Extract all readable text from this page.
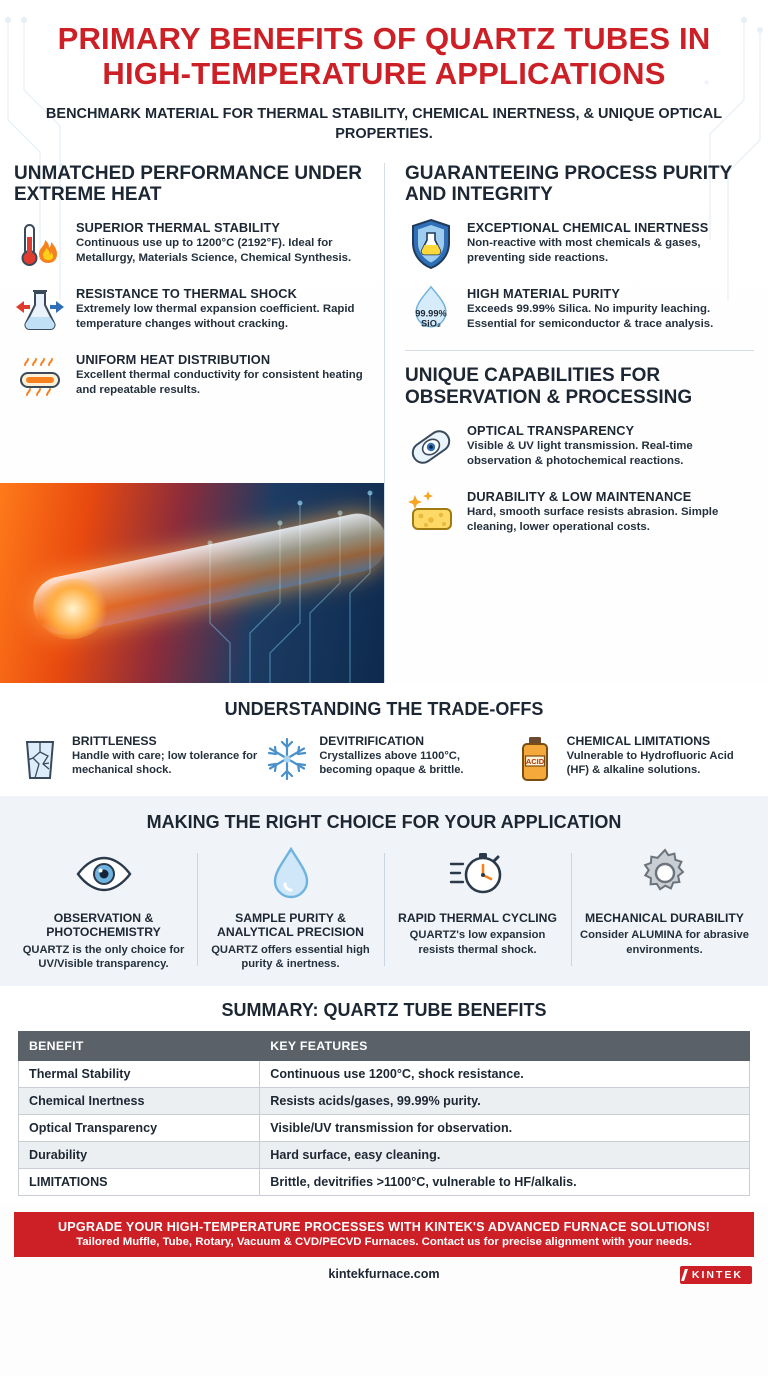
PRIMARY BENEFITS OF QUARTZ TUBES IN HIGH-TEMPERATURE APPLICATIONS
BENCHMARK MATERIAL FOR THERMAL STABILITY, CHEMICAL INERTNESS, & UNIQUE OPTICAL PROPERTIES.
UNMATCHED PERFORMANCE UNDER EXTREME HEAT
SUPERIOR THERMAL STABILITY
Continuous use up to 1200°C (2192°F). Ideal for Metallurgy, Materials Science, Chemical Synthesis.
RESISTANCE TO THERMAL SHOCK
Extremely low thermal expansion coefficient. Rapid temperature changes without cracking.
UNIFORM HEAT DISTRIBUTION
Excellent thermal conductivity for consistent heating and repeatable results.
GUARANTEEING PROCESS PURITY AND INTEGRITY
EXCEPTIONAL CHEMICAL INERTNESS
Non-reactive with most chemicals & gases, preventing side reactions.
99.99%
SiO₂
HIGH MATERIAL PURITY
Exceeds 99.99% Silica. No impurity leaching. Essential for semiconductor & trace analysis.
UNIQUE CAPABILITIES FOR OBSERVATION & PROCESSING
OPTICAL TRANSPARENCY
Visible & UV light transmission. Real-time observation & photochemical reactions.
DURABILITY & LOW MAINTENANCE
Hard, smooth surface resists abrasion. Simple cleaning, lower operational costs.
UNDERSTANDING THE TRADE-OFFS
BRITTLENESS
Handle with care; low tolerance for mechanical shock.
DEVITRIFICATION
Crystallizes above 1100°C, becoming opaque & brittle.
ACID
CHEMICAL LIMITATIONS
Vulnerable to Hydrofluoric Acid (HF) & alkaline solutions.
MAKING THE RIGHT CHOICE FOR YOUR APPLICATION
OBSERVATION & PHOTOCHEMISTRY
QUARTZ is the only choice for UV/Visible transparency.
SAMPLE PURITY & ANALYTICAL PRECISION
QUARTZ offers essential high purity & inertness.
RAPID THERMAL CYCLING
QUARTZ's low expansion resists thermal shock.
MECHANICAL DURABILITY
Consider ALUMINA for abrasive environments.
SUMMARY: QUARTZ TUBE BENEFITS
BENEFIT	KEY FEATURES
Thermal Stability	Continuous use 1200°C, shock resistance.
Chemical Inertness	Resists acids/gases, 99.99% purity.
Optical Transparency	Visible/UV transmission for observation.
Durability	Hard surface, easy cleaning.
LIMITATIONS	Brittle, devitrifies >1100°C, vulnerable to HF/alkalis.
UPGRADE YOUR HIGH-TEMPERATURE PROCESSES WITH KINTEK'S ADVANCED FURNACE SOLUTIONS!
Tailored Muffle, Tube, Rotary, Vacuum & CVD/PECVD Furnaces. Contact us for precise alignment with your needs.
kintekfurnace.com	KINTEK
